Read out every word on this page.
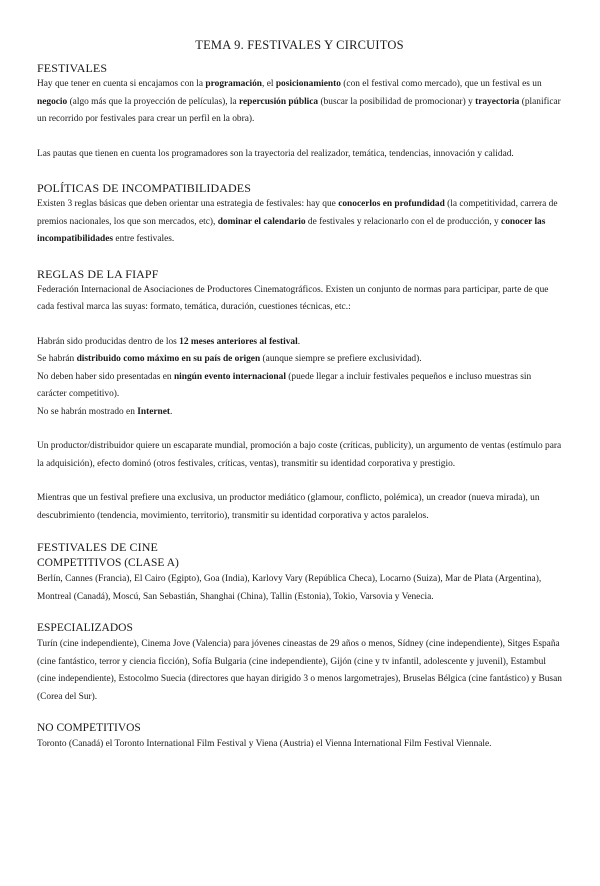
TEMA 9. FESTIVALES Y CIRCUITOS
FESTIVALES

Hay que tener en cuenta si encajamos con la programación, el posicionamiento (con el festival como mercado), que un festival es un negocio (algo más que la proyección de películas), la repercusión pública (buscar la posibilidad de promocionar) y trayectoria (planificar un recorrido por festivales para crear un perfil en la obra).

Las pautas que tienen en cuenta los programadores son la trayectoria del realizador, temática, tendencias, innovación y calidad.

POLÍTICAS DE INCOMPATIBILIDADES

Existen 3 reglas básicas que deben orientar una estrategia de festivales: hay que conocerlos en profundidad (la competitividad, carrera de premios nacionales, los que son mercados, etc), dominar el calendario de festivales y relacionarlo con el de producción, y conocer las incompatibilidades entre festivales.

REGLAS DE LA FIAPF

Federación Internacional de Asociaciones de Productores Cinematográficos. Existen un conjunto de normas para participar, parte de que cada festival marca las suyas: formato, temática, duración, cuestiones técnicas, etc.:

Habrán sido producidas dentro de los 12 meses anteriores al festival.

Se habrán distribuido como máximo en su país de origen (aunque siempre se prefiere exclusividad).

No deben haber sido presentadas en ningún evento internacional (puede llegar a incluir festivales pequeños e incluso muestras sin carácter competitivo).

No se habrán mostrado en Internet.

Un productor/distribuidor quiere un escaparate mundial, promoción a bajo coste (críticas, publicity), un argumento de ventas (estímulo para la adquisición), efecto dominó (otros festivales, críticas, ventas), transmitir su identidad corporativa y prestigio.

Mientras que un festival prefiere una exclusiva, un productor mediático (glamour, conflicto, polémica), un creador (nueva mirada), un descubrimiento (tendencia, movimiento, territorio), transmitir su identidad corporativa y actos paralelos.

FESTIVALES DE CINE
COMPETITIVOS (CLASE A)

Berlín, Cannes (Francia), El Cairo (Egipto), Goa (India), Karlovy Vary (República Checa), Locarno (Suiza), Mar de Plata (Argentina), Montreal (Canadá), Moscú, San Sebastián, Shanghai (China), Tallin (Estonia), Tokio, Varsovia y Venecia.

ESPECIALIZADOS

Turín (cine independiente), Cinema Jove (Valencia) para jóvenes cineastas de 29 años o menos, Sídney (cine independiente), Sitges España (cine fantástico, terror y ciencia ficción), Sofía Bulgaria (cine independiente), Gijón (cine y tv infantil, adolescente y juvenil), Estambul (cine independiente), Estocolmo Suecia (directores que hayan dirigido 3 o menos largometrajes), Bruselas Bélgica (cine fantástico) y Busan (Corea del Sur).

NO COMPETITIVOS

Toronto (Canadá) el Toronto International Film Festival y Viena (Austria) el Vienna International Film Festival Viennale.
